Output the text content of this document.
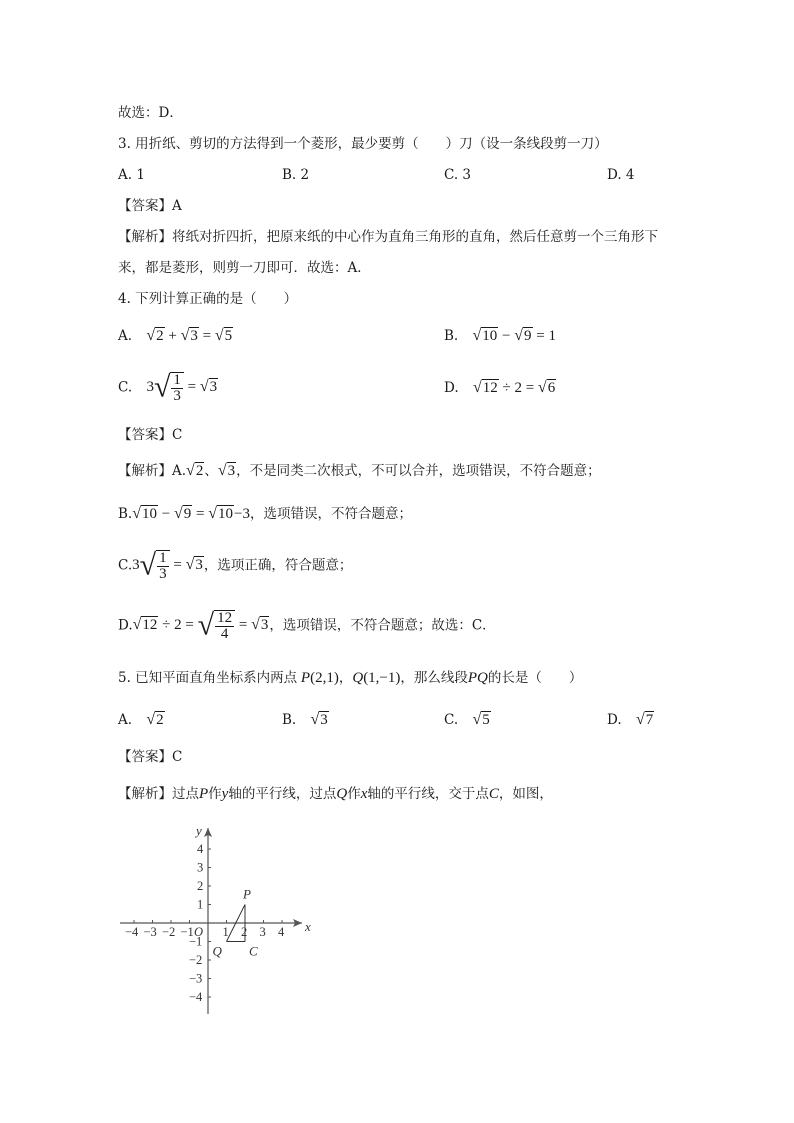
故选：D．
3. 用折纸、剪切的方法得到一个菱形，最少要剪（　　）刀（设一条线段剪一刀）
A. 1	B. 2	C. 3	D. 4
【答案】A
【解析】将纸对折四折，把原来纸的中心作为直角三角形的直角，然后任意剪一个三角形下
来，都是菱形，则剪一刀即可．故选：A．
4. 下列计算正确的是（　　）
A. √2 + √3 = √5	B. √10 − √9 = 1
C. $3√ \frac{1}{3} = √3$	D. √12 ÷ 2 = √6
【答案】C
【解析】A.√2、√3，不是同类二次根式，不可以合并，选项错误，不符合题意；
B.√10 − √9 = √10−3，选项错误，不符合题意；
$C.3√ \frac{1}{3} = √3$，选项正确，符合题意；
D.√12 ÷ 2 = √ $\frac{12}{4} = √3$，选项错误，不符合题意；故选：C．
5. 已知平面直角坐标系内两点 P(2,1)，Q(1,−1)，那么线段PQ的长是（　　）
A. √2	B. √3	C. √5	D. √7
【答案】C
【解析】过点P作y轴的平行线，过点Q作x轴的平行线，交于点C，如图，
x
y
−4 −3 −2 −1 O 1 2 3 4
4
3
2
1
−1
−2
−3
−4
P
Q C
